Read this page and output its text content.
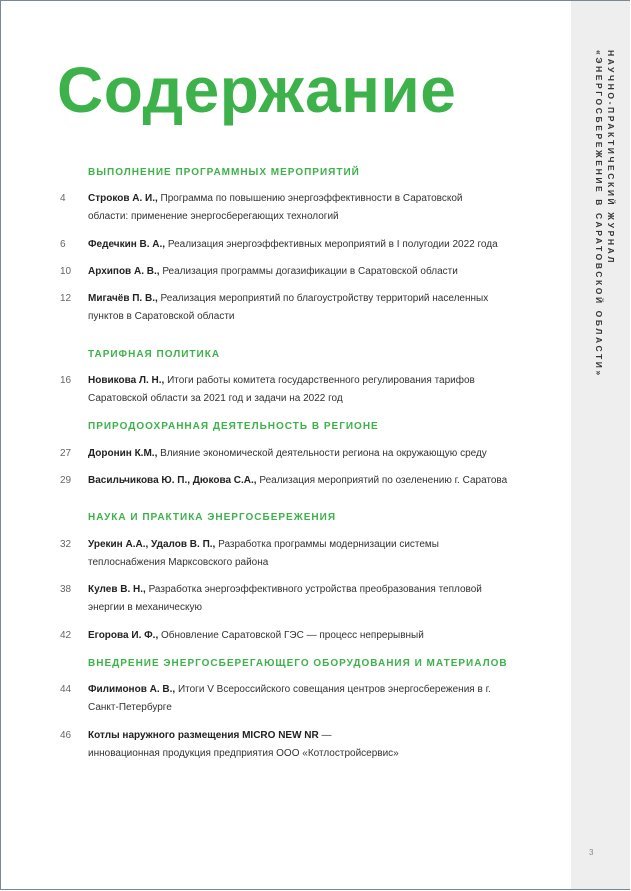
НАУЧНО-ПРАКТИЧЕСКИЙ ЖУРНАЛ
«ЭНЕРГОСБЕРЕЖЕНИЕ В САРАТОВСКОЙ ОБЛАСТИ»
Содержание
ВЫПОЛНЕНИЕ ПРОГРАММНЫХ МЕРОПРИЯТИЙ
4	Строков А. И., Программа по повышению энергоэффективности в Саратовской
области: применение энергосберегающих технологий
6	Федечкин В. А., Реализация энергоэффективных мероприятий в I полугодии 2022 года
10	Архипов А. В., Реализация программы догазификации в Саратовской области
12	Мигачёв П. В., Реализация мероприятий по благоустройству территорий населенных
пунктов в Саратовской области
ТАРИФНАЯ ПОЛИТИКА
16	Новикова Л. Н., Итоги работы комитета государственного регулирования тарифов
Саратовской области за 2021 год и задачи на 2022 год
ПРИРОДООХРАННАЯ ДЕЯТЕЛЬНОСТЬ В РЕГИОНЕ
27	Доронин К.М., Влияние экономической деятельности региона на окружающую среду
29	Васильчикова Ю. П., Дюкова С.А., Реализация мероприятий по озеленению г. Саратова
НАУКА И ПРАКТИКА ЭНЕРГОСБЕРЕЖЕНИЯ
32	Урекин А.А., Удалов В. П., Разработка программы модернизации системы
теплоснабжения Марксовского района
38	Кулев В. Н., Разработка энергоэффективного устройства преобразования тепловой
энергии в механическую
42	Егорова И. Ф., Обновление Саратовской ГЭС — процесс непрерывный
ВНЕДРЕНИЕ ЭНЕРГОСБЕРЕГАЮЩЕГО ОБОРУДОВАНИЯ И МАТЕРИАЛОВ
44	Филимонов А. В., Итоги V Всероссийского совещания центров энергосбережения в г.
Санкт-Петербурге
46	Котлы наружного размещения MICRO NEW NR —
инновационная продукция предприятия ООО «Котлостройсервис»
3
